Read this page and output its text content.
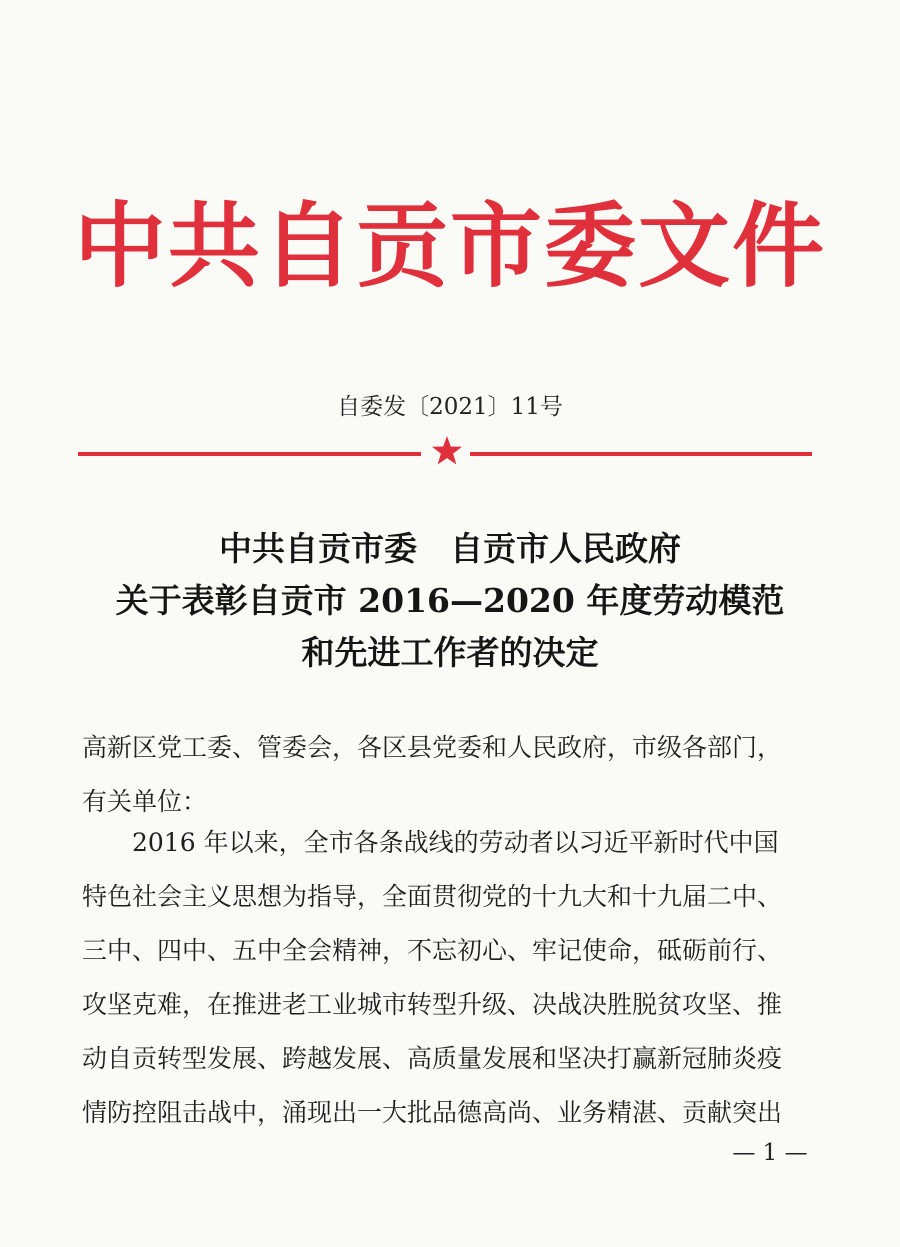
中共自贡市委文件
自委发〔2021〕11号
中共自贡市委　自贡市人民政府
关于表彰自贡市 2016—2020 年度劳动模范
和先进工作者的决定
高新区党工委、管委会，各区县党委和人民政府，市级各部门，
有关单位：
　　2016 年以来，全市各条战线的劳动者以习近平新时代中国
特色社会主义思想为指导，全面贯彻党的十九大和十九届二中、
三中、四中、五中全会精神，不忘初心、牢记使命，砥砺前行、
攻坚克难，在推进老工业城市转型升级、决战决胜脱贫攻坚、推
动自贡转型发展、跨越发展、高质量发展和坚决打赢新冠肺炎疫
情防控阻击战中，涌现出一大批品德高尚、业务精湛、贡献突出
— 1 —
